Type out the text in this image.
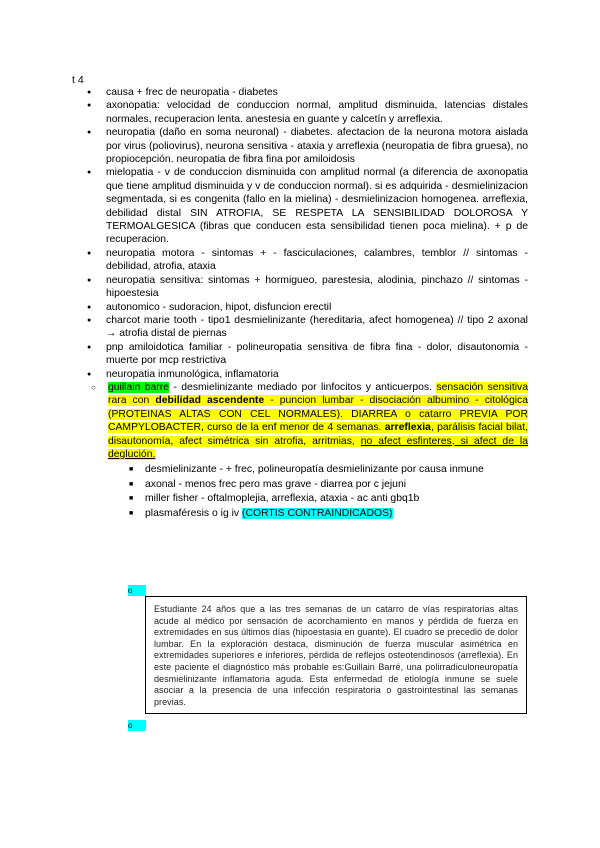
t 4
● causa + frec de neuropatia - diabetes
● axonopatia: velocidad de conduccion normal, amplitud disminuida, latencias distales normales, recuperacion lenta. anestesia en guante y calcetín y arreflexia.
● neuropatia (daño en soma neuronal) - diabetes. afectacion de la neurona motora aislada por virus (poliovirus), neurona sensitiva - ataxia y arreflexia (neuropatia de fibra gruesa), no propiocepción. neuropatia de fibra fina por amiloidosis
● mielopatia - v de conduccion disminuida con amplitud normal (a diferencia de axonopatia que tiene amplitud disminuida y v de conduccion normal). si es adquirida - desmielinizacion segmentada, si es congenita (fallo en la mielina) - desmielinizacion homogenea. arreflexia, debilidad distal SIN ATROFIA, SE RESPETA LA SENSIBILIDAD DOLOROSA Y TERMOALGESICA (fibras que conducen esta sensibilidad tienen poca mielina). + p de recuperacion.
● neuropatia motora - sintomas + - fasciculaciones, calambres, temblor // sintomas - debilidad, atrofia, ataxia
● neuropatia sensitiva: sintomas + hormigueo, parestesia, alodinia, pinchazo // sintomas - hipoestesia
● autonomico - sudoracion, hipot, disfuncion erectil
● charcot marie tooth - tipo1 desmielinizante (hereditaria, afect homogenea) // tipo 2 axonal → atrofia distal de piernas
● pnp amiloidotica familiar - polineuropatia sensitiva de fibra fina - dolor, disautonomia - muerte por mcp restrictiva
● neuropatia inmunológica, inflamatoria
○ guillain barre - desmielinizante mediado por linfocitos y anticuerpos. sensación sensitiva rara con debilidad ascendente - puncion lumbar - disociación albumino - citológica (PROTEINAS ALTAS CON CEL NORMALES). DIARREA o catarro PREVIA POR CAMPYLOBACTER, curso de la enf menor de 4 semanas. arreflexia, parálisis facial bilat, disautonomía, afect simétrica sin atrofia, arritmias, no afect esfinteres, si afect de la deglución.
■ desmielinizante - + frec, polineuropatía desmielinizante por causa inmune
■ axonal - menos frec pero mas grave - diarrea por c jejuni
■ miller fisher - oftalmoplejia, arreflexia, ataxia - ac anti gbq1b
■ plasmaféresis o ig iv (CORTIS CONTRAINDICADOS)
o
Estudiante 24 años que a las tres semanas de un catarro de vías respiratorias altas acude al médico por sensación de acorchamiento en manos y pérdida de fuerza en extremidades en sus últimos días (hipoestasia en guante). El cuadro se precedió de dolor lumbar. En la exploración destaca, disminución de fuerza muscular asimétrica en extremidades superiores e inferiores, pérdida de reflejos osteotendinosos (arreflexia). En este paciente el diagnóstico más probable es:Guillain Barré, una polirradiculoneuropatía desmielinizante inflamatoria aguda. Esta enfermedad de etiología inmune se suele asociar a la presencia de una infección respiratoria o gastrointestinal las semanas previas.
o
